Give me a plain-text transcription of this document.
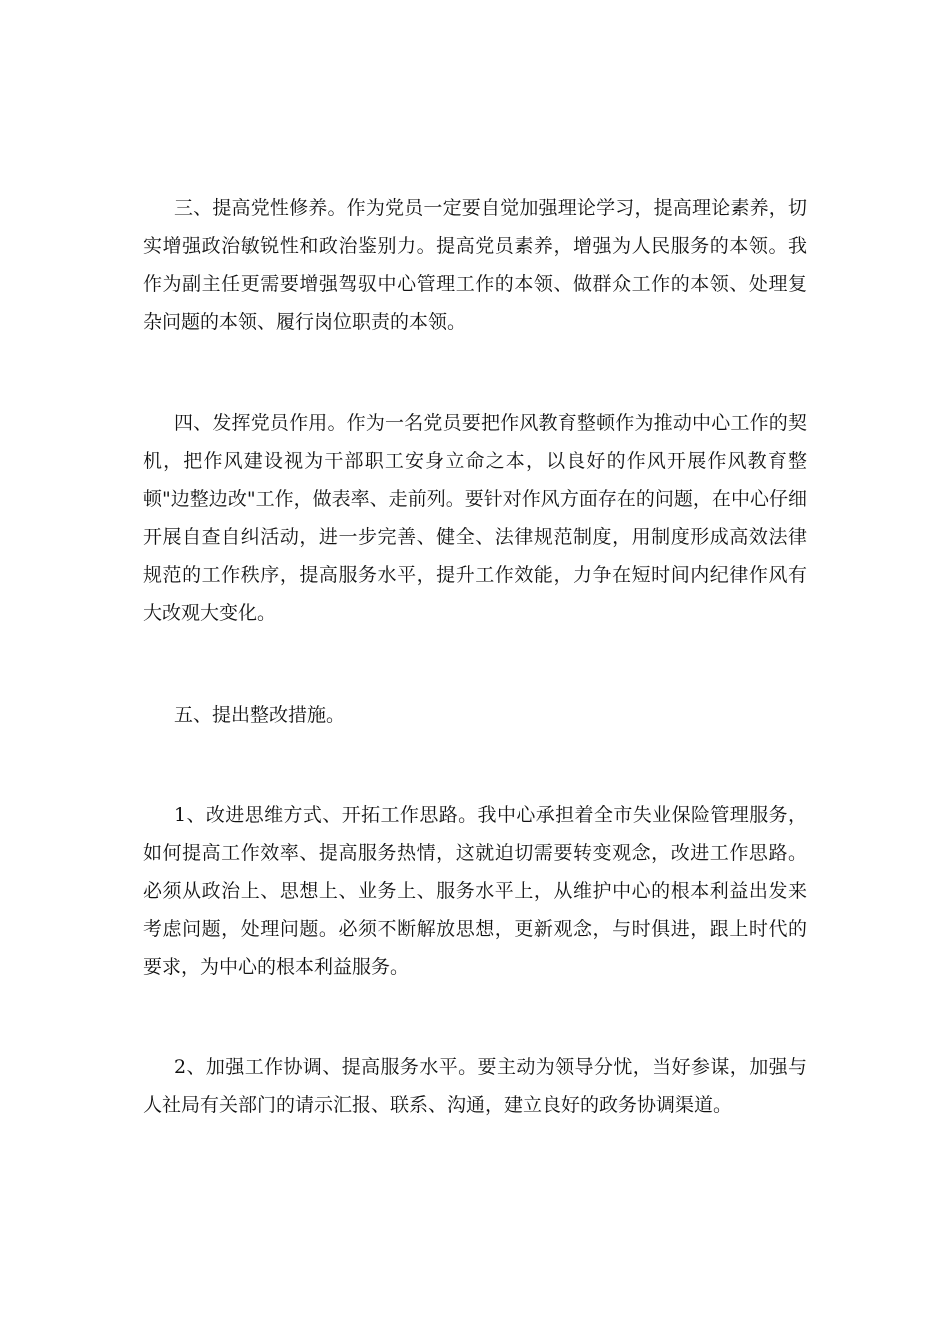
三、提高党性修养。作为党员一定要自觉加强理论学习，提高理论素养，切实增强政治敏锐性和政治鉴别力。提高党员素养，增强为人民服务的本领。我作为副主任更需要增强驾驭中心管理工作的本领、做群众工作的本领、处理复杂问题的本领、履行岗位职责的本领。

四、发挥党员作用。作为一名党员要把作风教育整顿作为推动中心工作的契机，把作风建设视为干部职工安身立命之本，以良好的作风开展作风教育整顿"边整边改"工作，做表率、走前列。要针对作风方面存在的问题，在中心仔细开展自查自纠活动，进一步完善、健全、法律规范制度，用制度形成高效法律规范的工作秩序，提高服务水平，提升工作效能，力争在短时间内纪律作风有大改观大变化。

五、提出整改措施。

1、改进思维方式、开拓工作思路。我中心承担着全市失业保险管理服务，如何提高工作效率、提高服务热情，这就迫切需要转变观念，改进工作思路。必须从政治上、思想上、业务上、服务水平上，从维护中心的根本利益出发来考虑问题，处理问题。必须不断解放思想，更新观念，与时俱进，跟上时代的要求，为中心的根本利益服务。

2、加强工作协调、提高服务水平。要主动为领导分忧，当好参谋，加强与人社局有关部门的请示汇报、联系、沟通，建立良好的政务协调渠道。
